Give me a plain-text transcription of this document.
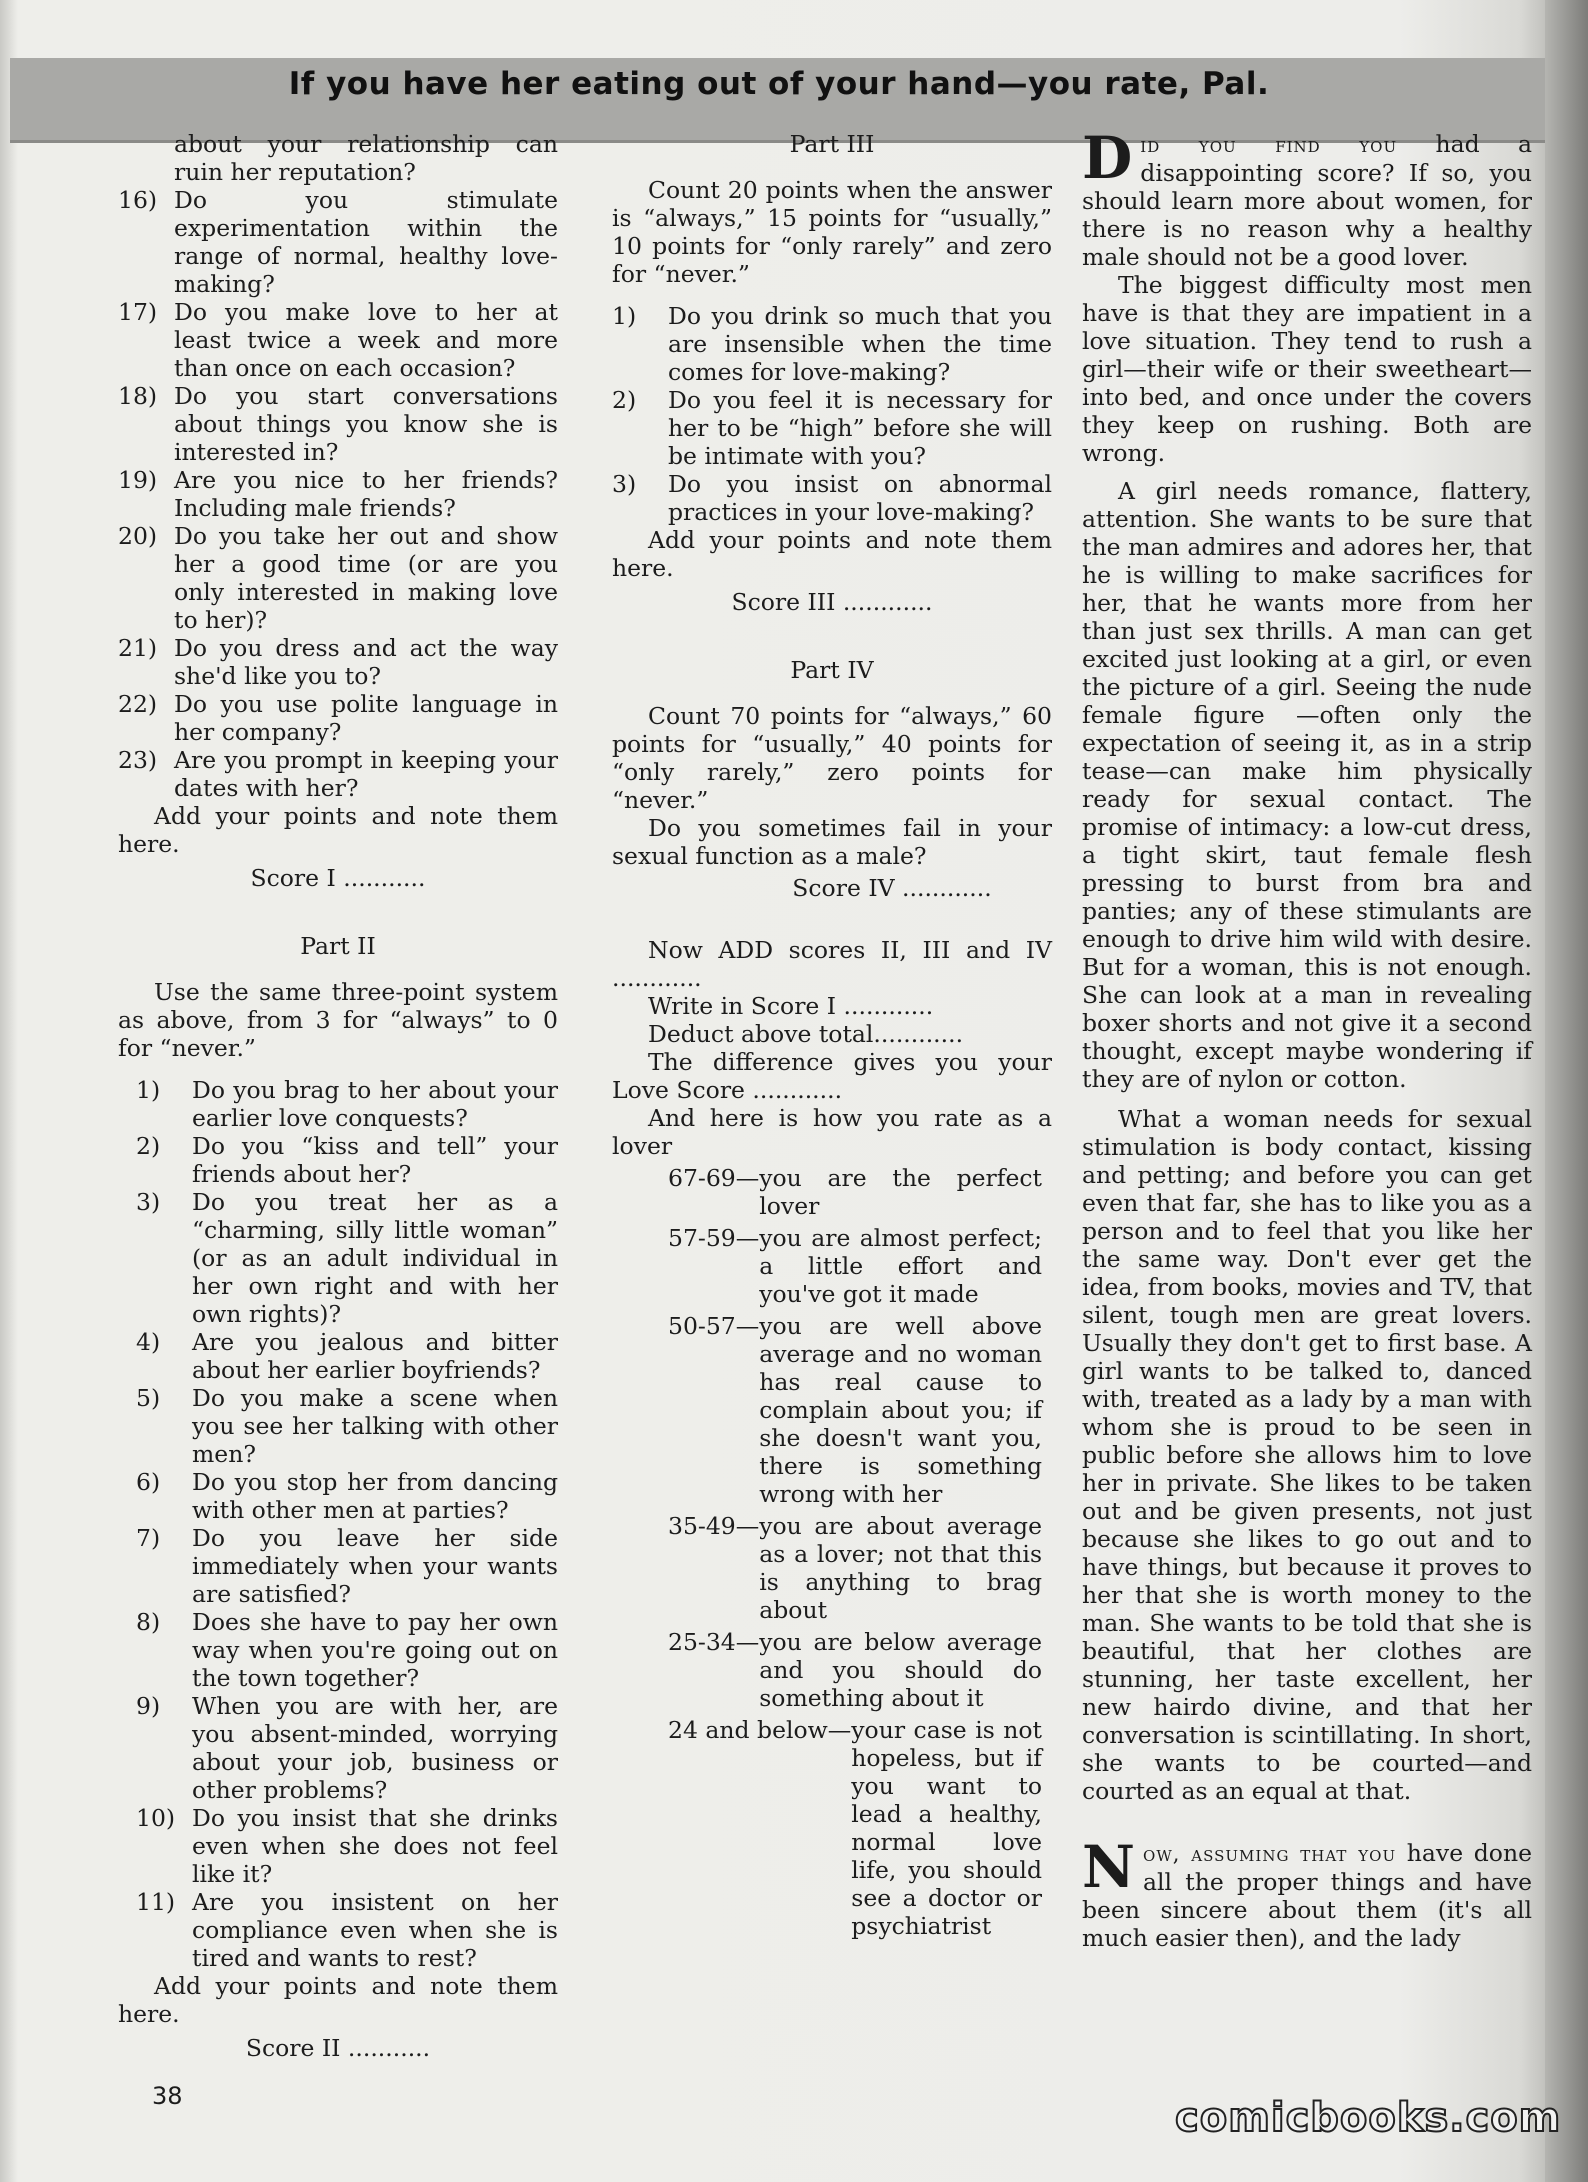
If you have her eating out of your hand—you rate, Pal.

about your relationship can ruin her reputation?

16) Do you stimulate experimentation within the range of normal, healthy love-making?
17) Do you make love to her at least twice a week and more than once on each occasion?
18) Do you start conversations about things you know she is interested in?
19) Are you nice to her friends? Including male friends?
20) Do you take her out and show her a good time (or are you only interested in making love to her)?
21) Do you dress and act the way she'd like you to?
22) Do you use polite language in her company?
23) Are you prompt in keeping your dates with her?

Add your points and note them here.

Score I ...........

Part II

Use the same three-point system as above, from 3 for “always” to 0 for “never.”

1)	Do you brag to her about your earlier love conquests?
2)	Do you “kiss and tell” your friends about her?
3)	Do you treat her as a “charming, silly little woman” (or as an adult individual in her own right and with her own rights)?
4)	Are you jealous and bitter about her earlier boyfriends?
5)	Do you make a scene when you see her talking with other men?
6)	Do you stop her from dancing with other men at parties?
7)	Do you leave her side immediately when your wants are satisfied?
8)	Does she have to pay her own way when you're going out on the town together?
9)	When you are with her, are you absent-minded, worrying about your job, business or other problems?
10) Do you insist that she drinks even when she does not feel like it?
11) Are you insistent on her compliance even when she is tired and wants to rest?

Add your points and note them here.

Score II ...........

Part III

Count 20 points when the answer is “always,” 15 points for “usually,” 10 points for “only rarely” and zero for “never.”

1)	Do you drink so much that you are insensible when the time comes for love-making?
2)	Do you feel it is necessary for her to be “high” before she will be intimate with you?
3)	Do you insist on abnormal practices in your love-making?

Add your points and note them here.

Score III ............

Part IV

Count 70 points for “always,” 60 points for “usually,” 40 points for “only rarely,” zero points for “never.”

Do you sometimes fail in your sexual function as a male?

Score IV ............

Now ADD scores II, III and IV ............

Write in Score I ............

Deduct above total............

The difference gives you your Love Score ............

And here is how you rate as a lover

67-69— you are the perfect lover
57-59— you are almost perfect; a little effort and you've got it made
50-57— you are well above average and no woman has real cause to complain about you; if she doesn't want you, there is something wrong with her
35-49— you are about average as a lover; not that this is anything to brag about
25-34— you are below average and you should do something about it
24 and below— your case is not hopeless, but if you want to lead a healthy, normal love life, you should see a doctor or psychiatrist

Did you find you had a disappointing score? If so, you should learn more about women, for there is no reason why a healthy male should not be a good lover.

The biggest difficulty most men have is that they are impatient in a love situation. They tend to rush a girl—their wife or their sweetheart—into bed, and once under the covers they keep on rushing. Both are wrong.

A girl needs romance, flattery, attention. She wants to be sure that the man admires and adores her, that he is willing to make sacrifices for her, that he wants more from her than just sex thrills. A man can get excited just looking at a girl, or even the picture of a girl. Seeing the nude female figure —often only the expectation of seeing it, as in a strip tease—can make him physically ready for sexual contact. The promise of intimacy: a low-cut dress, a tight skirt, taut female flesh pressing to burst from bra and panties; any of these stimulants are enough to drive him wild with desire. But for a woman, this is not enough. She can look at a man in revealing boxer shorts and not give it a second thought, except maybe wondering if they are of nylon or cotton.

What a woman needs for sexual stimulation is body contact, kissing and petting; and before you can get even that far, she has to like you as a person and to feel that you like her the same way. Don't ever get the idea, from books, movies and TV, that silent, tough men are great lovers. Usually they don't get to first base. A girl wants to be talked to, danced with, treated as a lady by a man with whom she is proud to be seen in public before she allows him to love her in private. She likes to be taken out and be given presents, not just because she likes to go out and to have things, but because it proves to her that she is worth money to the man. She wants to be told that she is beautiful, that her clothes are stunning, her taste excellent, her new hairdo divine, and that her conversation is scintillating. In short, she wants to be courted—and courted as an equal at that.

Now, assuming that you have done all the proper things and have been sincere about them (it's all much easier then), and the lady

38	comicbooks.com
